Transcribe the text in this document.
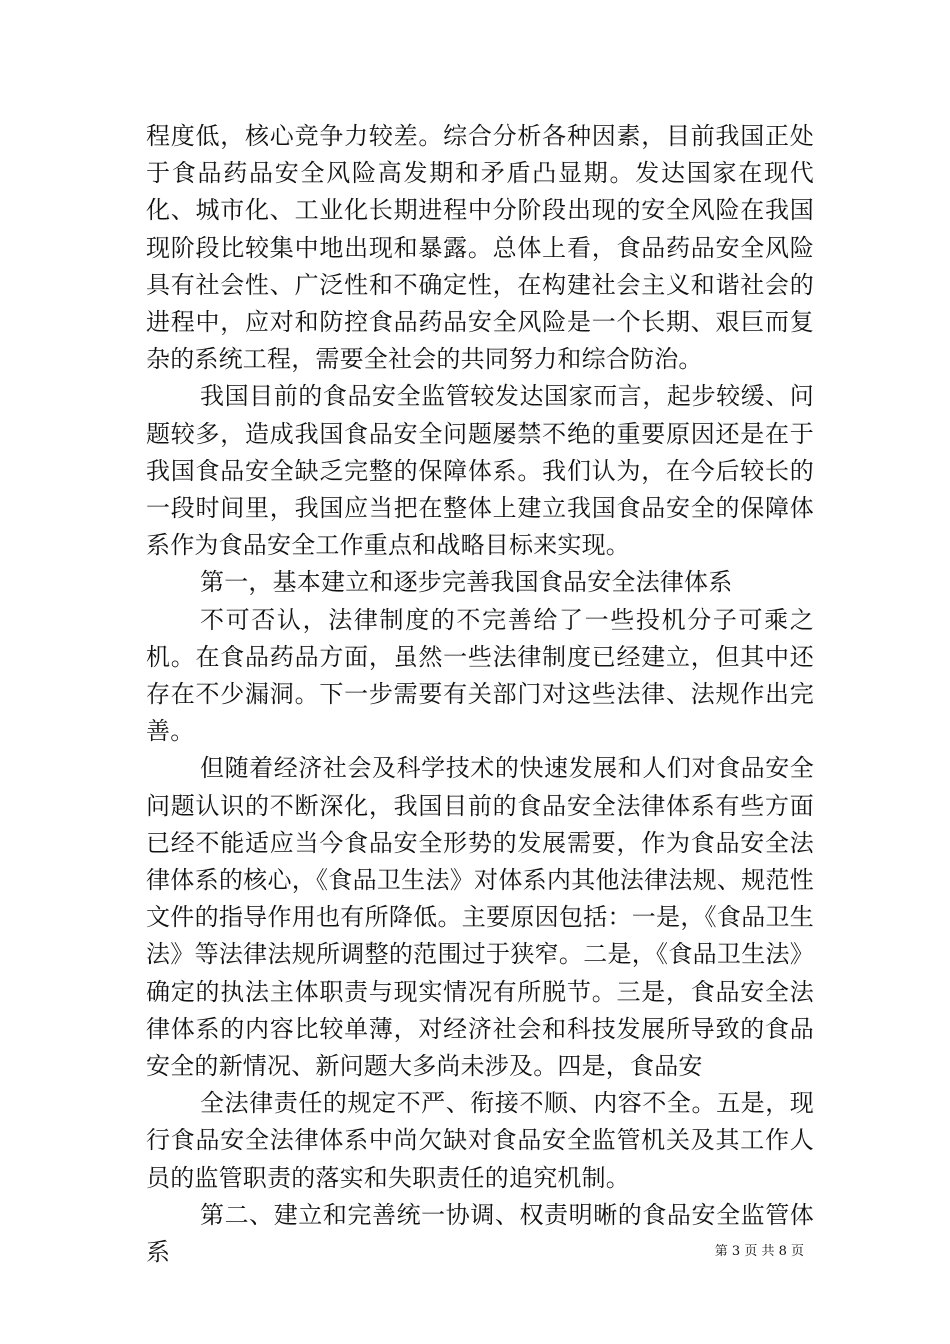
程度低，核心竞争力较差。综合分析各种因素，目前我国正处于食品药品安全风险高发期和矛盾凸显期。发达国家在现代化、城市化、工业化长期进程中分阶段出现的安全风险在我国现阶段比较集中地出现和暴露。总体上看，食品药品安全风险具有社会性、广泛性和不确定性，在构建社会主义和谐社会的进程中，应对和防控食品药品安全风险是一个长期、艰巨而复杂的系统工程，需要全社会的共同努力和综合防治。

我国目前的食品安全监管较发达国家而言，起步较缓、问题较多，造成我国食品安全问题屡禁不绝的重要原因还是在于我国食品安全缺乏完整的保障体系。我们认为，在今后较长的一段时间里，我国应当把在整体上建立我国食品安全的保障体系作为食品安全工作重点和战略目标来实现。

第一，基本建立和逐步完善我国食品安全法律体系

不可否认，法律制度的不完善给了一些投机分子可乘之机。在食品药品方面，虽然一些法律制度已经建立，但其中还存在不少漏洞。下一步需要有关部门对这些法律、法规作出完善。

但随着经济社会及科学技术的快速发展和人们对食品安全问题认识的不断深化，我国目前的食品安全法律体系有些方面已经不能适应当今食品安全形势的发展需要，作为食品安全法律体系的核心，《食品卫生法》对体系内其他法律法规、规范性文件的指导作用也有所降低。主要原因包括：一是，《食品卫生法》等法律法规所调整的范围过于狭窄。二是，《食品卫生法》确定的执法主体职责与现实情况有所脱节。三是，食品安全法律体系的内容比较单薄，对经济社会和科技发展所导致的食品安全的新情况、新问题大多尚未涉及。四是，食品安

全法律责任的规定不严、衔接不顺、内容不全。五是，现行食品安全法律体系中尚欠缺对食品安全监管机关及其工作人员的监管职责的落实和失职责任的追究机制。

第二、建立和完善统一协调、权责明晰的食品安全监管体系	第 3 页 共 8 页
